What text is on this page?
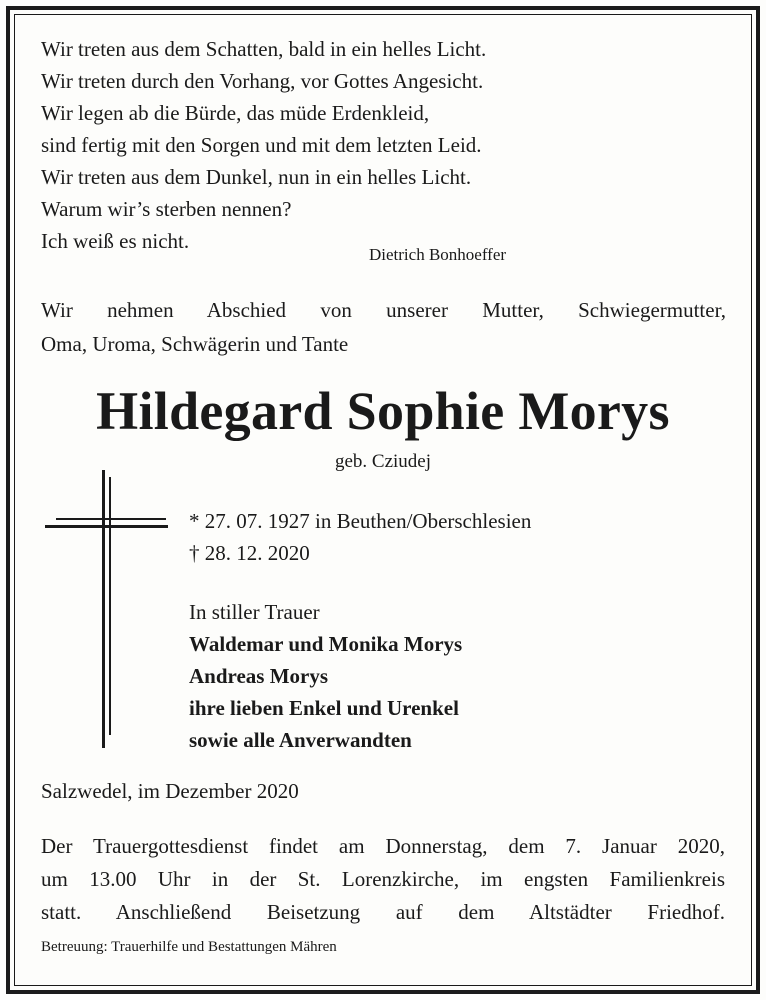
Wir treten aus dem Schatten, bald in ein helles Licht.
Wir treten durch den Vorhang, vor Gottes Angesicht.
Wir legen ab die Bürde, das müde Erdenkleid,
sind fertig mit den Sorgen und mit dem letzten Leid.
Wir treten aus dem Dunkel, nun in ein helles Licht.
Warum wir’s sterben nennen?
Ich weiß es nicht.
Dietrich Bonhoeffer
Wir nehmen Abschied von unserer Mutter, Schwiegermutter,
Oma, Uroma, Schwägerin und Tante
Hildegard Sophie Morys
geb. Cziudej
* 27. 07. 1927 in Beuthen/Oberschlesien
† 28. 12. 2020
In stiller Trauer
Waldemar und Monika Morys
Andreas Morys
ihre lieben Enkel und Urenkel
sowie alle Anverwandten
Salzwedel, im Dezember 2020
Der Trauergottesdienst findet am Donnerstag, dem 7. Januar 2020,
um 13.00 Uhr in der St. Lorenzkirche, im engsten Familienkreis
statt. Anschließend Beisetzung auf dem Altstädter Friedhof.
Betreuung: Trauerhilfe und Bestattungen Mähren
